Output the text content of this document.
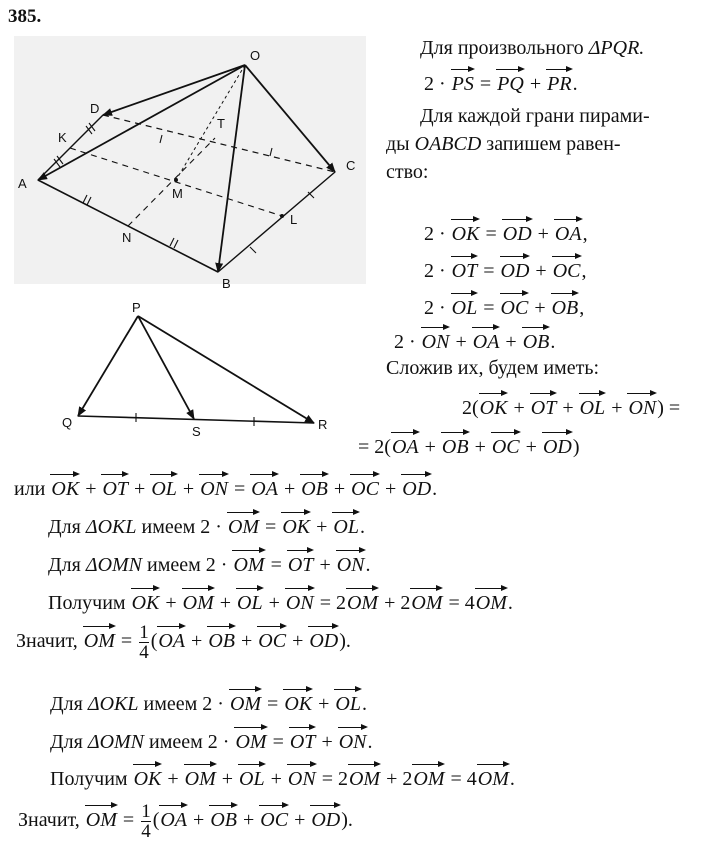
385.
O
D
K
T
C
A
M
L
N
B
P
Q
S	R
Для произвольного ΔPQR.
2 · PS = PQ + PR.
Для каждой грани пирами-
ды OABCD запишем равен-
ство:
2 · OK = OD + OA,
2 · OT = OD + OC,
2 · OL = OC + OB,
2 · ON + OA + OB.
Сложив их, будем иметь:
2(OK + OT + OL + ON) =
= 2(OA + OB + OC + OD)
или OK + OT + OL + ON = OA + OB + OC + OD.
Для ΔOKL имеем 2 · OM = OK + OL.
Для ΔOMN имеем 2 · OM = OT + ON.
Получим OK + OM + OL + ON = 2OM + 2OM = 4OM.
Значит, OM = $\frac{1}{4} (OA$ + OB + OC + OD).
Для ΔOKL имеем 2 · OM = OK + OL.
Для ΔOMN имеем 2 · OM = OT + ON.
Получим OK + OM + OL + ON = 2OM + 2OM = 4OM.
Значит, OM = $\frac{1}{4} (OA$ + OB + OC + OD).
